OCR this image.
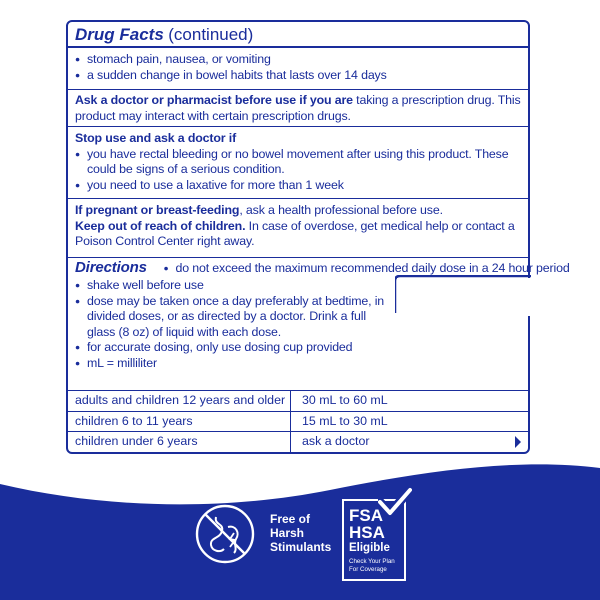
Drug Facts (continued)
● stomach pain, nausea, or vomiting
● a sudden change in bowel habits that lasts over 14 days
Ask a doctor or pharmacist before use if you are taking a prescription drug. This
product may interact with certain prescription drugs.
Stop use and ask a doctor if
● you have rectal bleeding or no bowel movement after using this product. These
could be signs of a serious condition.
● you need to use a laxative for more than 1 week
If pregnant or breast-feeding, ask a health professional before use.
Keep out of reach of children. In case of overdose, get medical help or contact a
Poison Control Center right away.
Directions  ● do not exceed the maximum recommended daily dose in a 24 hour period
● shake well before use
● dose may be taken once a day preferably at bedtime, in
divided doses, or as directed by a doctor. Drink a full
glass (8 oz) of liquid with each dose.
● for accurate dosing, only use dosing cup provided
● mL = milliliter
adults and children 12 years and older 30 mL to 60 mL
children 6 to 11 years	15 mL to 30 mL
children under 6 years	ask a doctor
Free of
Harsh
Stimulants
FSA
HSA
Eligible
Check Your Plan
For Coverage
